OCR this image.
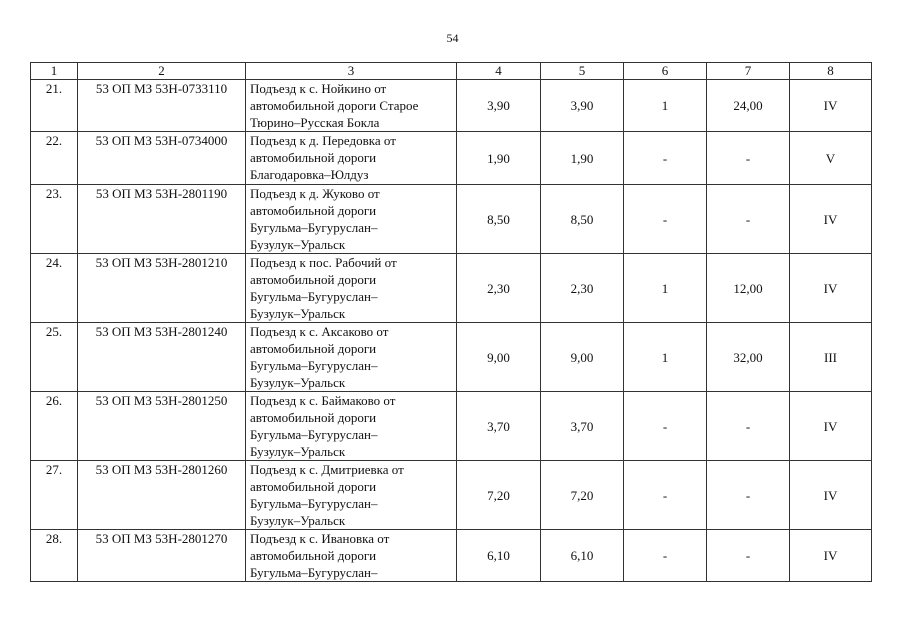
54
1	2	3	4	5	6	7	8
21.	53 ОП МЗ 53Н-0733110	Подъезд к с. Нойкино от
автомобильной дороги Старое
Тюрино–Русская Бокла	3,90	3,90	1	24,00	IV
22.	53 ОП МЗ 53Н-0734000	Подъезд к д. Передовка от
автомобильной дороги
Благодаровка–Юлдуз	1,90	1,90	-	-	V
23.	53 ОП МЗ 53Н-2801190	Подъезд к д. Жуково от
автомобильной дороги
Бугульма–Бугуруслан–
Бузулук–Уральск	8,50	8,50	-	-	IV
24.	53 ОП МЗ 53Н-2801210	Подъезд к пос. Рабочий от
автомобильной дороги
Бугульма–Бугуруслан–
Бузулук–Уральск	2,30	2,30	1	12,00	IV
25.	53 ОП МЗ 53Н-2801240	Подъезд к с. Аксаково от
автомобильной дороги
Бугульма–Бугуруслан–
Бузулук–Уральск	9,00	9,00	1	32,00	III
26.	53 ОП МЗ 53Н-2801250	Подъезд к с. Баймаково от
автомобильной дороги
Бугульма–Бугуруслан–
Бузулук–Уральск	3,70	3,70	-	-	IV
27.	53 ОП МЗ 53Н-2801260	Подъезд к с. Дмитриевка от
автомобильной дороги
Бугульма–Бугуруслан–
Бузулук–Уральск	7,20	7,20	-	-	IV
28.	53 ОП МЗ 53Н-2801270	Подъезд к с. Ивановка от
автомобильной дороги
Бугульма–Бугуруслан–	6,10	6,10	-	-	IV
